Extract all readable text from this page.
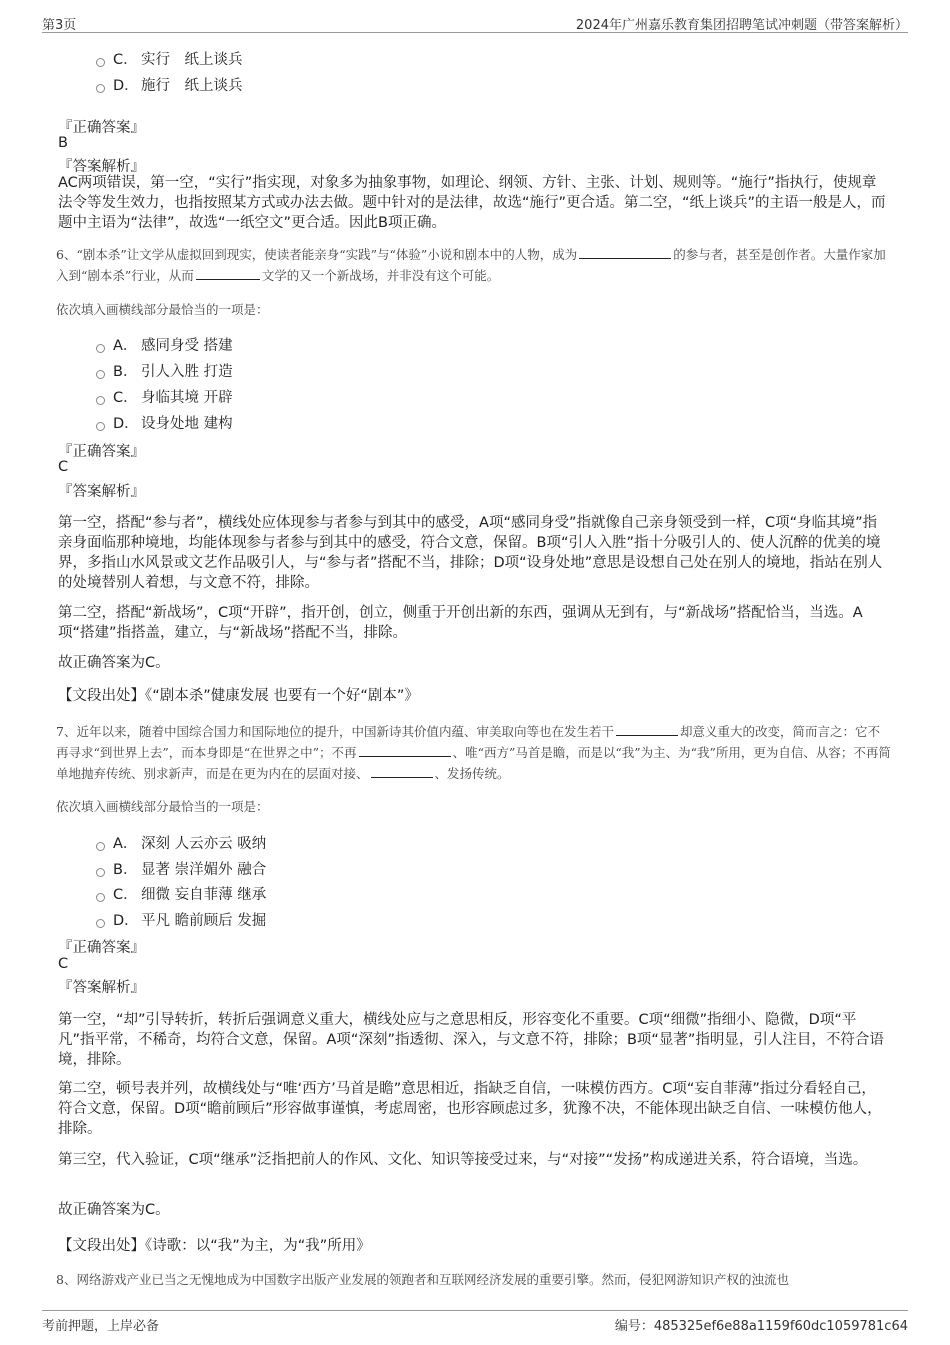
第3页	2024年广州嘉乐教育集团招聘笔试冲刺题（带答案解析）
C． 实行　纸上谈兵
D． 施行　纸上谈兵
『正确答案』
B
『答案解析』
AC两项错误，第一空，“实行”指实现，对象多为抽象事物，如理论、纲领、方针、主张、计划、规则等。“施行”指执行，使规章法令等发生效力，也指按照某方式或办法去做。题中针对的是法律，故选“施行”更合适。第二空，“纸上谈兵”的主语一般是人，而题中主语为“法律”，故选“一纸空文”更合适。因此B项正确。
6、“剧本杀”让文学从虚拟回到现实，使读者能亲身“实践”与“体验”小说和剧本中的人物，成为	的参与者，甚至是创作者。大量作家加入到“剧本杀”行业，从而	文学的又一个新战场，并非没有这个可能。
依次填入画横线部分最恰当的一项是：
A． 感同身受 搭建
B． 引人入胜 打造
C． 身临其境 开辟
D． 设身处地 建构
『正确答案』
C
『答案解析』
第一空，搭配“参与者”，横线处应体现参与者参与到其中的感受，A项“感同身受”指就像自己亲身领受到一样，C项“身临其境”指亲身面临那种境地，均能体现参与者参与到其中的感受，符合文意，保留。B项“引人入胜”指十分吸引人的、使人沉醉的优美的境界，多指山水风景或文艺作品吸引人，与“参与者”搭配不当，排除；D项“设身处地”意思是设想自己处在别人的境地，指站在别人的处境替别人着想，与文意不符，排除。
第二空，搭配“新战场”，C项“开辟”，指开创，创立，侧重于开创出新的东西，强调从无到有，与“新战场”搭配恰当，当选。A项“搭建”指搭盖，建立，与“新战场”搭配不当，排除。
故正确答案为C。
【文段出处】《“剧本杀”健康发展 也要有一个好“剧本”》
7、近年以来，随着中国综合国力和国际地位的提升，中国新诗其价值内蕴、审美取向等也在发生若干	却意义重大的改变，简而言之：它不再寻求“到世界上去”，而本身即是“在世界之中”；不再	、唯“西方”马首是瞻，而是以“我”为主、为“我”所用，更为自信、从容；不再简单地抛弃传统、别求新声，而是在更为内在的层面对接、	、发扬传统。
依次填入画横线部分最恰当的一项是：
A． 深刻 人云亦云 吸纳
B． 显著 崇洋媚外 融合
C． 细微 妄自菲薄 继承
D． 平凡 瞻前顾后 发掘
『正确答案』
C
『答案解析』
第一空，“却”引导转折，转折后强调意义重大，横线处应与之意思相反，形容变化不重要。C项“细微”指细小、隐微，D项“平凡”指平常，不稀奇，均符合文意，保留。A项“深刻”指透彻、深入，与文意不符，排除；B项“显著”指明显，引人注目，不符合语境，排除。
第二空，顿号表并列，故横线处与“唯‘西方’马首是瞻”意思相近，指缺乏自信，一味模仿西方。C项“妄自菲薄”指过分看轻自己，符合文意，保留。D项“瞻前顾后”形容做事谨慎，考虑周密，也形容顾虑过多，犹豫不决，不能体现出缺乏自信、一味模仿他人，排除。
第三空，代入验证，C项“继承”泛指把前人的作风、文化、知识等接受过来，与“对接”“发扬”构成递进关系，符合语境，当选。
故正确答案为C。
【文段出处】《诗歌：以“我”为主，为“我”所用》
8、网络游戏产业已当之无愧地成为中国数字出版产业发展的领跑者和互联网经济发展的重要引擎。然而，侵犯网游知识产权的浊流也
考前押题，上岸必备	编号：485325ef6e88a1159f60dc1059781c64
